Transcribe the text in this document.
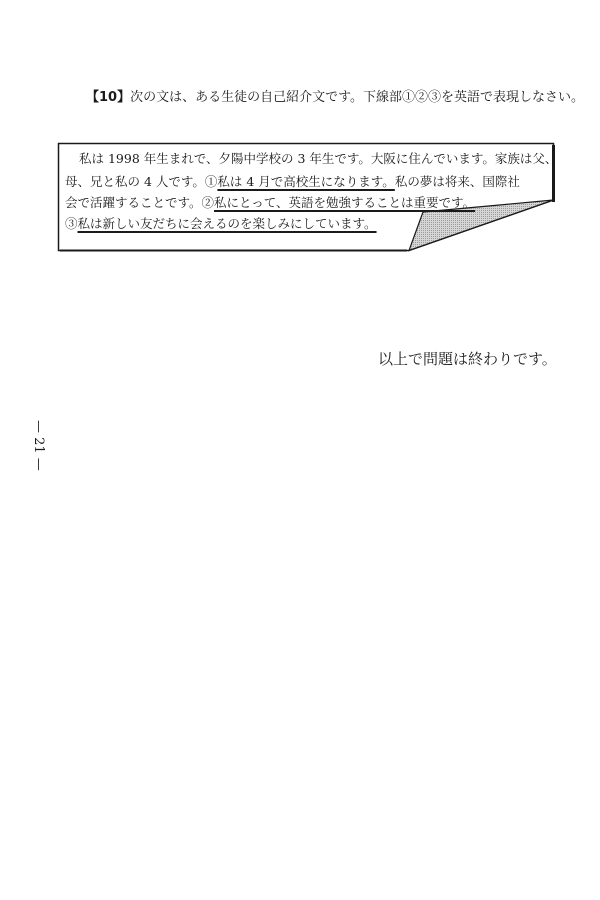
【10】次の文は、ある生徒の自己紹介文です。下線部①②③を英語で表現しなさい。
私は 1998 年生まれで、夕陽中学校の 3 年生です。大阪に住んでいます。家族は父、
母、兄と私の 4 人です。①私は 4 月で高校生になります。私の夢は将来、国際社
会で活躍することです。②私にとって、英語を勉強することは重要です。
③私は新しい友だちに会えるのを楽しみにしています。
以上で問題は終わりです。
— 21 —
